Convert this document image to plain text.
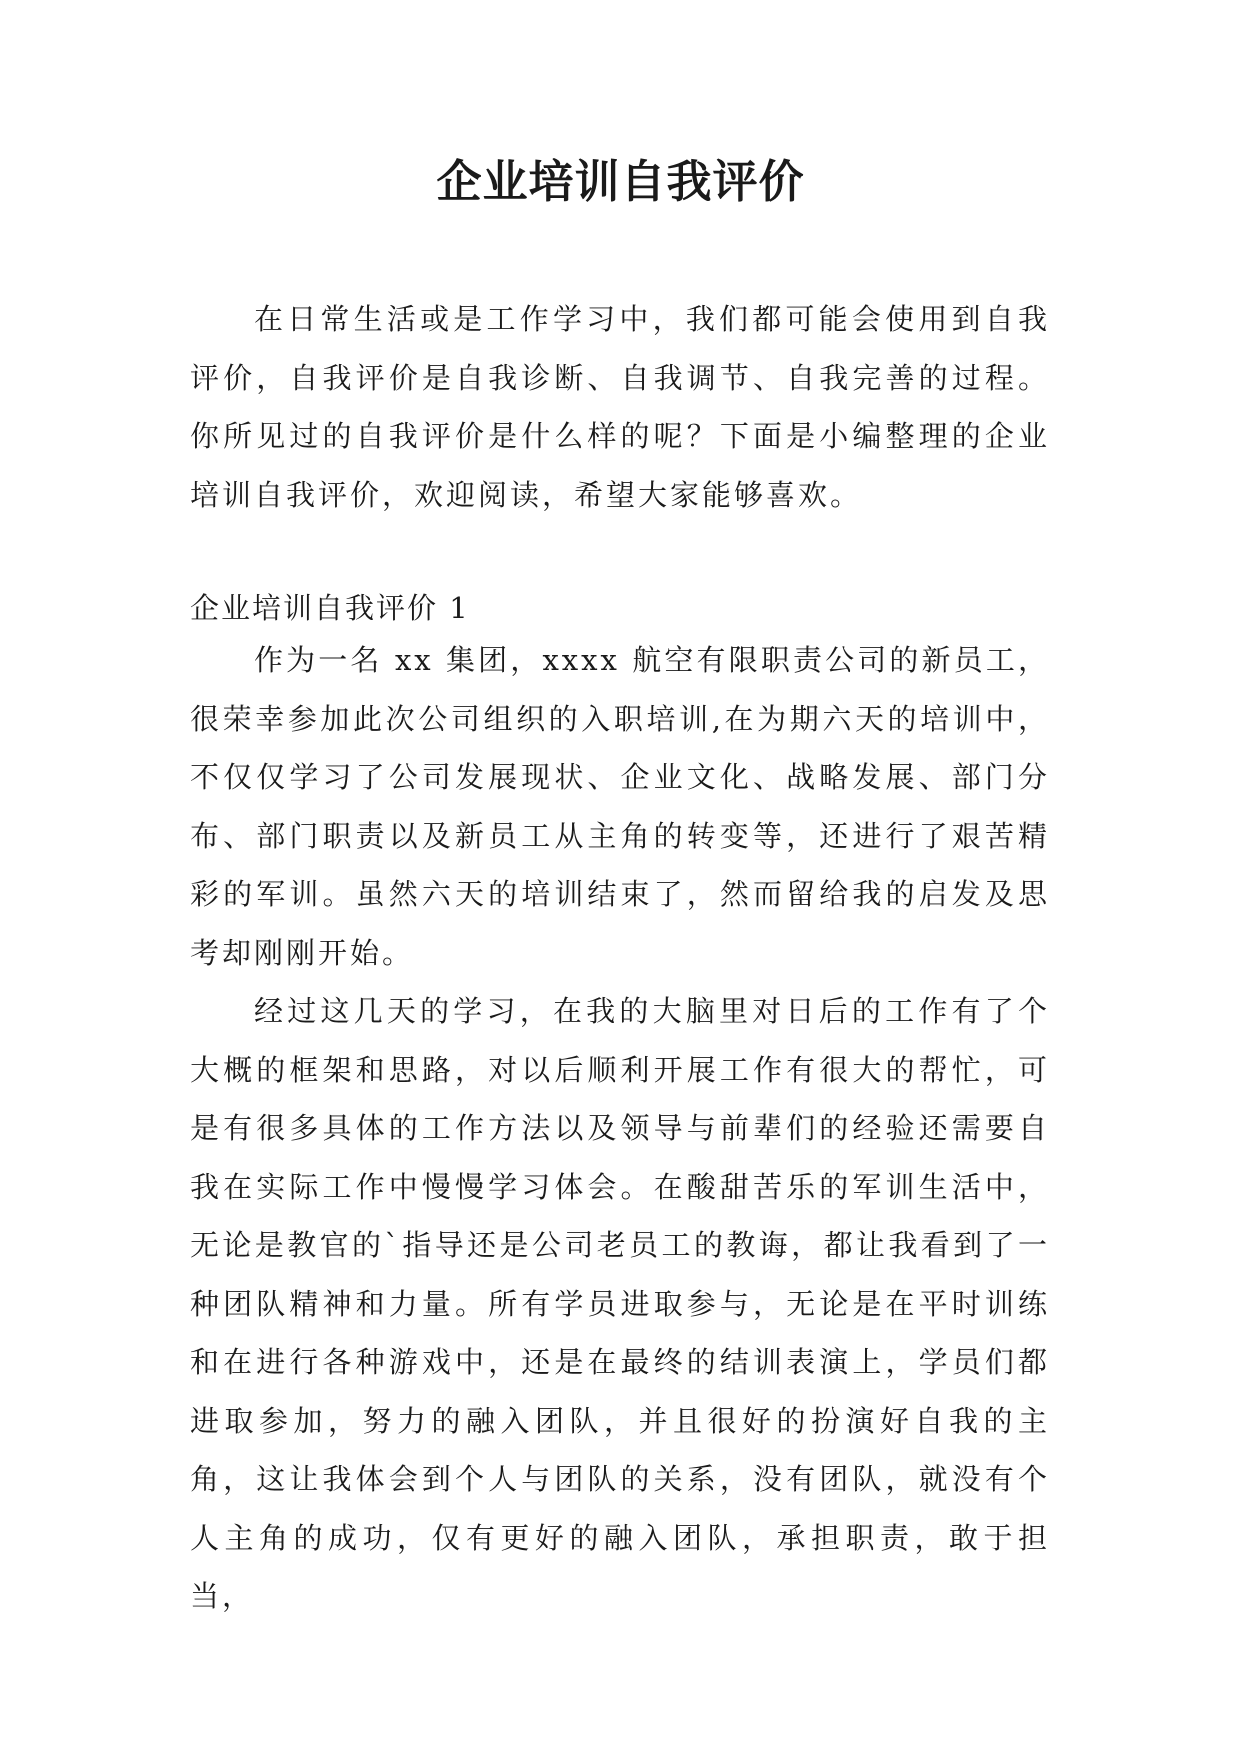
企业培训自我评价

在日常生活或是工作学习中，我们都可能会使用到自我评价，自我评价是自我诊断、自我调节、自我完善的过程。你所见过的自我评价是什么样的呢？下面是小编整理的企业培训自我评价，欢迎阅读，希望大家能够喜欢。

企业培训自我评价 1

作为一名 xx 集团，xxxx 航空有限职责公司的新员工，很荣幸参加此次公司组织的入职培训,在为期六天的培训中，不仅仅学习了公司发展现状、企业文化、战略发展、部门分布、部门职责以及新员工从主角的转变等，还进行了艰苦精彩的军训。虽然六天的培训结束了，然而留给我的启发及思考却刚刚开始。

经过这几天的学习，在我的大脑里对日后的工作有了个大概的框架和思路，对以后顺利开展工作有很大的帮忙，可是有很多具体的工作方法以及领导与前辈们的经验还需要自我在实际工作中慢慢学习体会。在酸甜苦乐的军训生活中，无论是教官的`指导还是公司老员工的教诲，都让我看到了一种团队精神和力量。所有学员进取参与，无论是在平时训练和在进行各种游戏中，还是在最终的结训表演上，学员们都进取参加，努力的融入团队，并且很好的扮演好自我的主角，这让我体会到个人与团队的关系，没有团队，就没有个人主角的成功，仅有更好的融入团队，承担职责，敢于担当，
